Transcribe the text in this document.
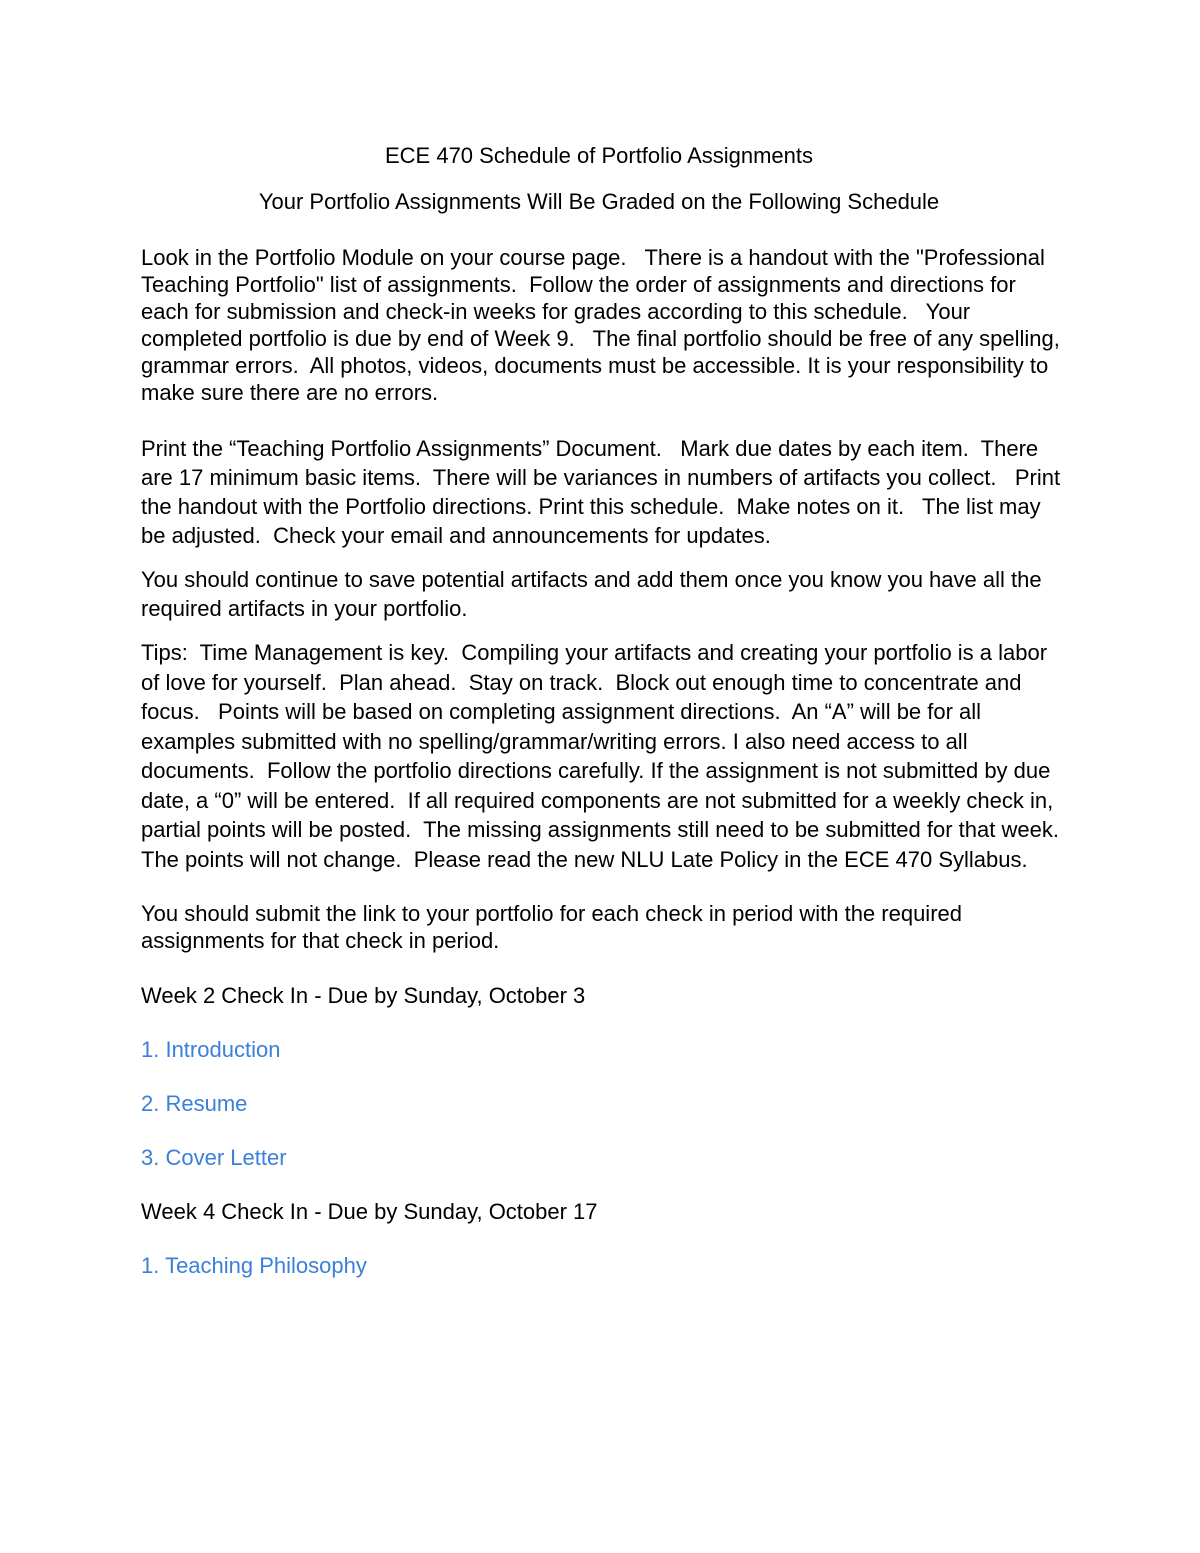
ECE 470 Schedule of Portfolio Assignments
Your Portfolio Assignments Will Be Graded on the Following Schedule

Look in the Portfolio Module on your course page.   There is a handout with the "Professional Teaching Portfolio" list of assignments.  Follow the order of assignments and directions for each for submission and check-in weeks for grades according to this schedule.   Your completed portfolio is due by end of Week 9.   The final portfolio should be free of any spelling, grammar errors.  All photos, videos, documents must be accessible. It is your responsibility to make sure there are no errors.

Print the “Teaching Portfolio Assignments” Document.   Mark due dates by each item.  There are 17 minimum basic items.  There will be variances in numbers of artifacts you collect.   Print the handout with the Portfolio directions. Print this schedule.  Make notes on it.   The list may be adjusted.  Check your email and announcements for updates.

You should continue to save potential artifacts and add them once you know you have all the required artifacts in your portfolio.

Tips:  Time Management is key.  Compiling your artifacts and creating your portfolio is a labor of love for yourself.  Plan ahead.  Stay on track.  Block out enough time to concentrate and focus.   Points will be based on completing assignment directions.  An “A” will be for all examples submitted with no spelling/grammar/writing errors. I also need access to all documents.  Follow the portfolio directions carefully. If the assignment is not submitted by due date, a “0” will be entered.  If all required components are not submitted for a weekly check in, partial points will be posted.  The missing assignments still need to be submitted for that week.  The points will not change.  Please read the new NLU Late Policy in the ECE 470 Syllabus.

You should submit the link to your portfolio for each check in period with the required assignments for that check in period.

Week 2 Check In - Due by Sunday, October 3

1. Introduction
2. Resume
3. Cover Letter

Week 4 Check In - Due by Sunday, October 17

1. Teaching Philosophy
